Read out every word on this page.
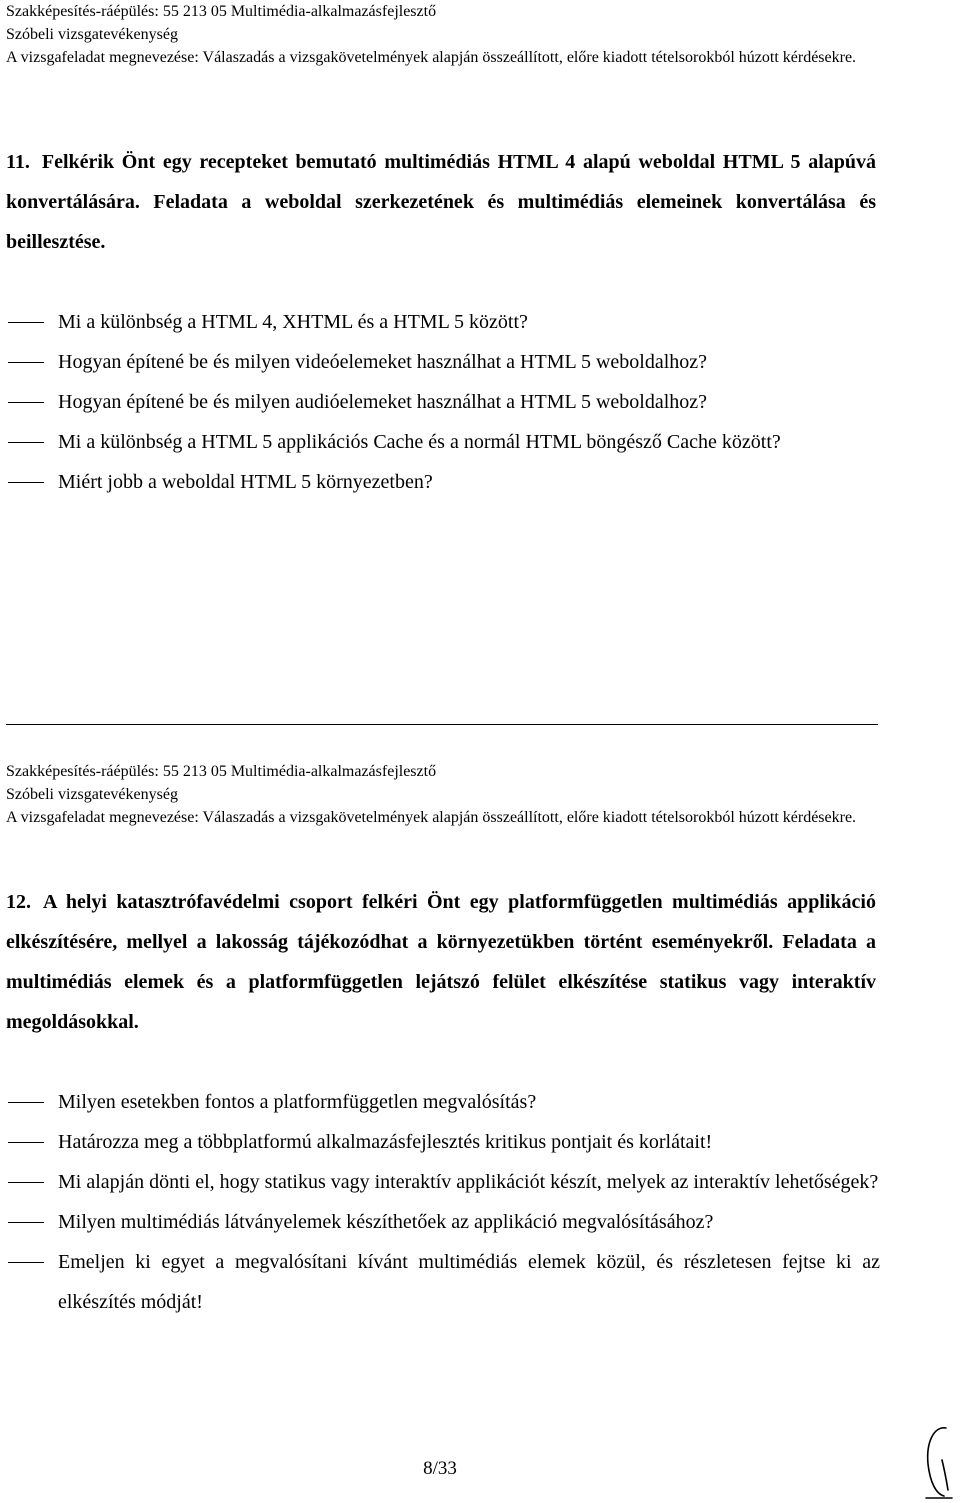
Szakképesítés-ráépülés: 55 213 05 Multimédia-alkalmazásfejlesztő
Szóbeli vizsgatevékenység
A vizsgafeladat megnevezése: Válaszadás a vizsgakövetelmények alapján összeállított, előre kiadott tételsorokból húzott kérdésekre.
11. Felkérik Önt egy recepteket bemutató multimédiás HTML 4 alapú weboldal HTML 5 alapúvá konvertálására. Feladata a weboldal szerkezetének és multimédiás elemeinek konvertálása és beillesztése.
Mi a különbség a HTML 4, XHTML és a HTML 5 között?
Hogyan építené be és milyen videóelemeket használhat a HTML 5 weboldalhoz?
Hogyan építené be és milyen audióelemeket használhat a HTML 5 weboldalhoz?
Mi a különbség a HTML 5 applikációs Cache és a normál HTML böngésző Cache között?
Miért jobb a weboldal HTML 5 környezetben?
Szakképesítés-ráépülés: 55 213 05 Multimédia-alkalmazásfejlesztő
Szóbeli vizsgatevékenység
A vizsgafeladat megnevezése: Válaszadás a vizsgakövetelmények alapján összeállított, előre kiadott tételsorokból húzott kérdésekre.
12. A helyi katasztrófavédelmi csoport felkéri Önt egy platformfüggetlen multimédiás applikáció elkészítésére, mellyel a lakosság tájékozódhat a környezetükben történt eseményekről. Feladata a multimédiás elemek és a platformfüggetlen lejátszó felület elkészítése statikus vagy interaktív megoldásokkal.
Milyen esetekben fontos a platformfüggetlen megvalósítás?
Határozza meg a többplatformú alkalmazásfejlesztés kritikus pontjait és korlátait!
Mi alapján dönti el, hogy statikus vagy interaktív applikációt készít, melyek az interaktív lehetőségek?
Milyen multimédiás látványelemek készíthetőek az applikáció megvalósításához?
Emeljen ki egyet a megvalósítani kívánt multimédiás elemek közül, és részletesen fejtse ki az elkészítés módját!
8/33
